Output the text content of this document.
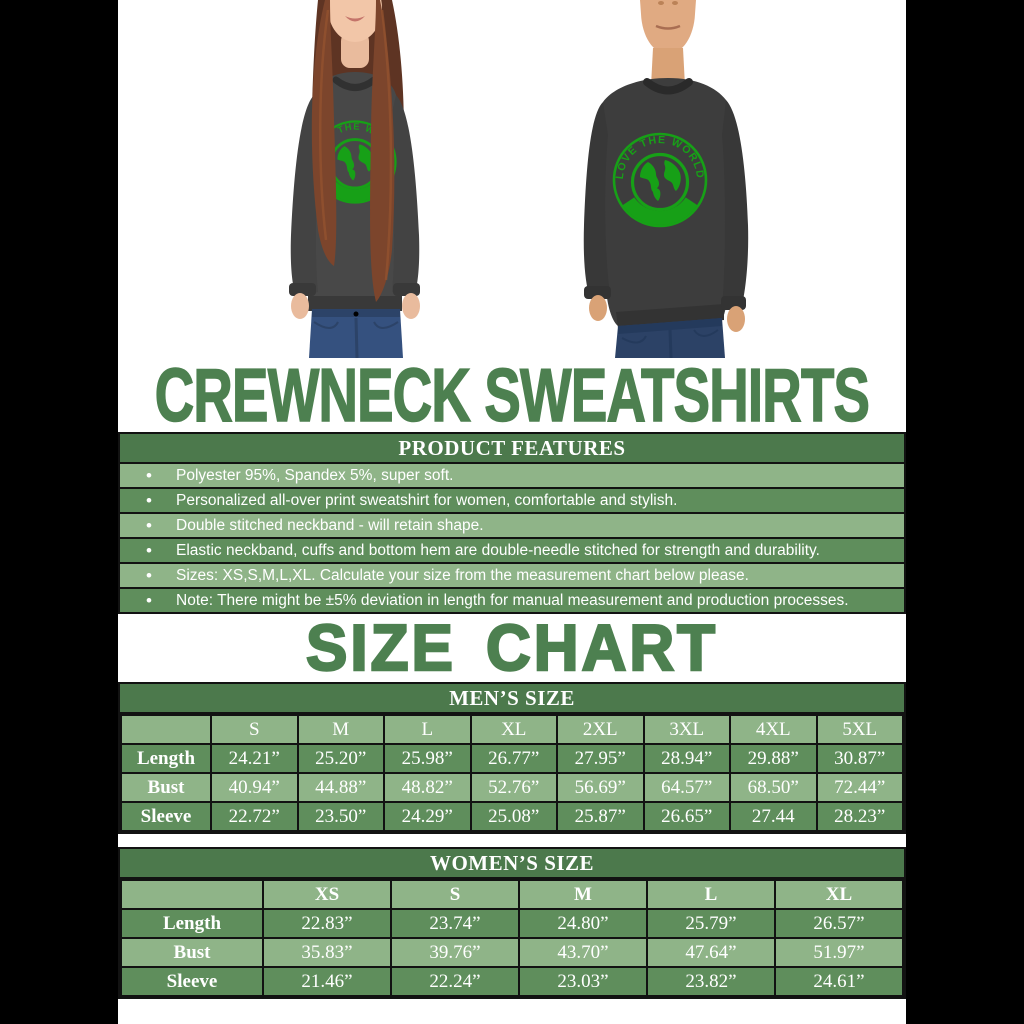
CREWNECK SWEATSHIRTS
PRODUCT FEATURES
•	Polyester 95%, Spandex 5%, super soft.
•	Personalized all-over print sweatshirt for women, comfortable and stylish.
•	Double stitched neckband - will retain shape.
•	Elastic neckband, cuffs and bottom hem are double-needle stitched for strength and durability.
•	Sizes: XS,S,M,L,XL. Calculate your size from the measurement chart below please.
•	Note: There might be ±5% deviation in length for manual measurement and production processes.
SIZE CHART
MEN’S SIZE
	S	M	L	XL	2XL	3XL	4XL	5XL
Length	24.21”	25.20”	25.98”	26.77”	27.95”	28.94”	29.88”	30.87”
Bust	40.94”	44.88”	48.82”	52.76”	56.69”	64.57”	68.50”	72.44”
Sleeve	22.72”	23.50”	24.29”	25.08”	25.87”	26.65”	27.44	28.23”
WOMEN’S SIZE
	XS	S	M	L	XL
Length	22.83”	23.74”	24.80”	25.79”	26.57”
Bust	35.83”	39.76”	43.70”	47.64”	51.97”
Sleeve	21.46”	22.24”	23.03”	23.82”	24.61”
